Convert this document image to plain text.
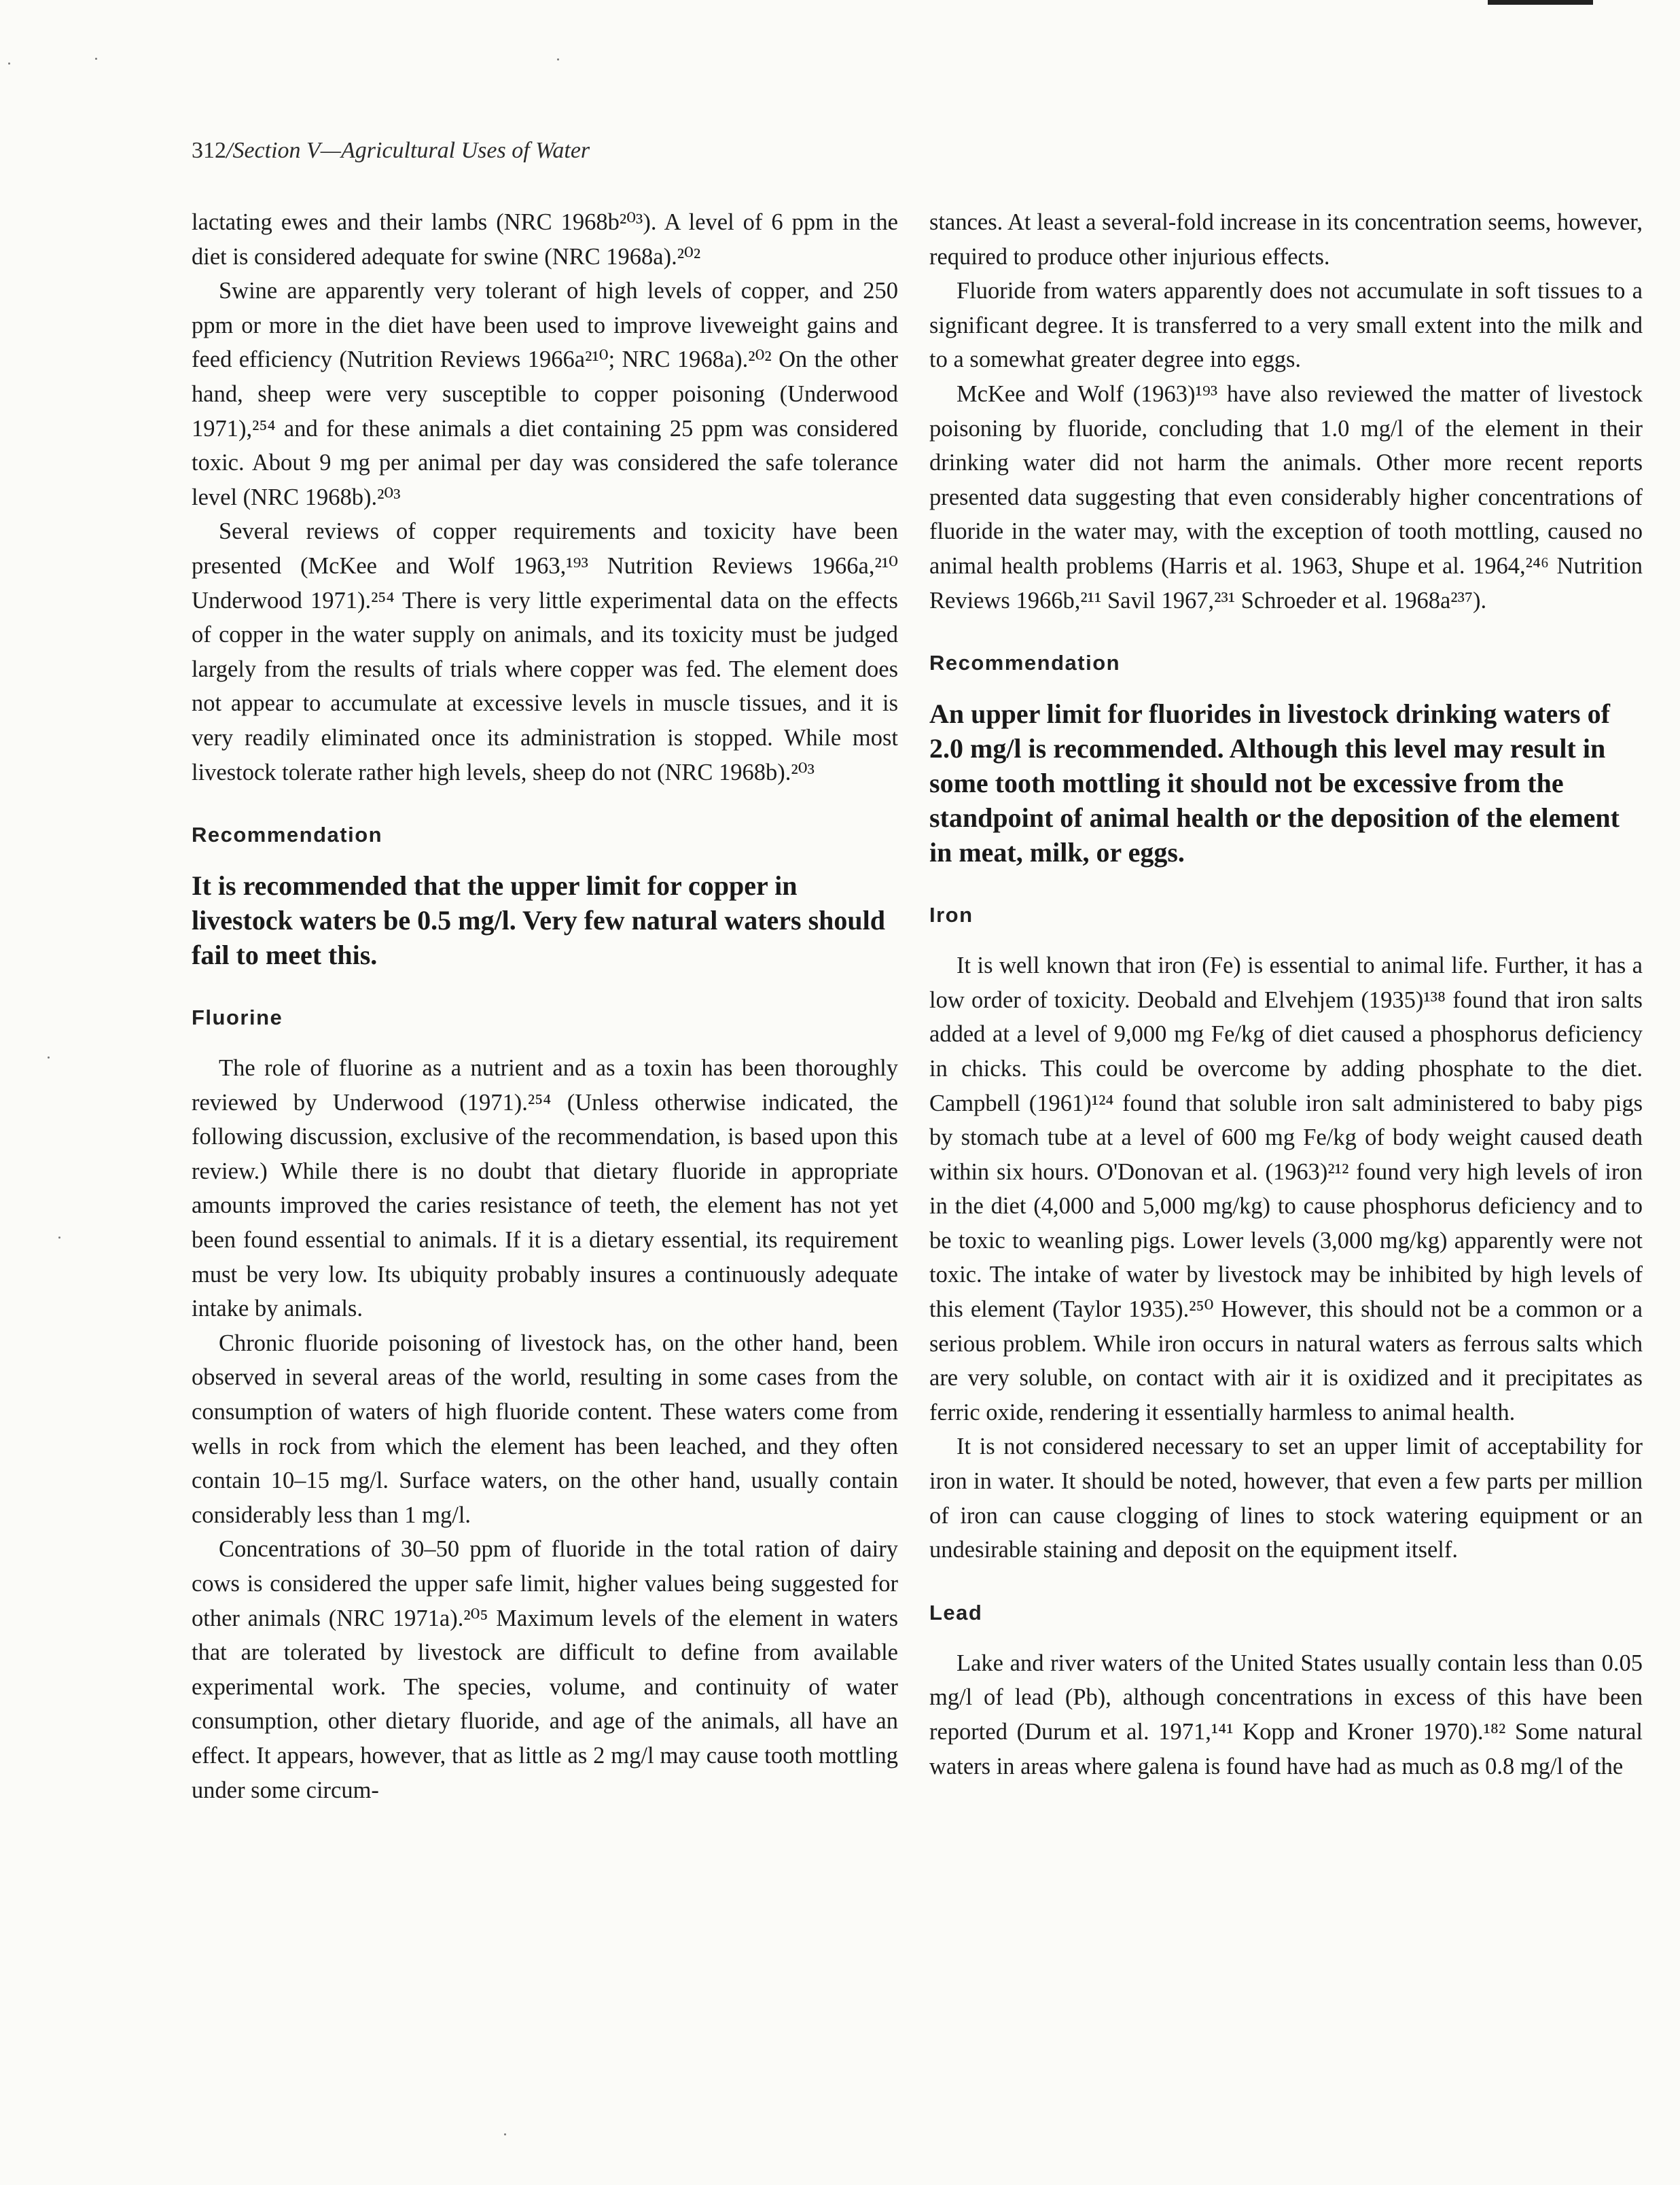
312/Section V—Agricultural Uses of Water

lactating ewes and their lambs (NRC 1968b²⁰³). A level of 6 ppm in the diet is considered adequate for swine (NRC 1968a).²⁰²

Swine are apparently very tolerant of high levels of copper, and 250 ppm or more in the diet have been used to improve liveweight gains and feed efficiency (Nutrition Reviews 1966a²¹⁰; NRC 1968a).²⁰² On the other hand, sheep were very susceptible to copper poisoning (Underwood 1971),²⁵⁴ and for these animals a diet containing 25 ppm was considered toxic. About 9 mg per animal per day was considered the safe tolerance level (NRC 1968b).²⁰³

Several reviews of copper requirements and toxicity have been presented (McKee and Wolf 1963,¹⁹³ Nutrition Reviews 1966a,²¹⁰ Underwood 1971).²⁵⁴ There is very little experimental data on the effects of copper in the water supply on animals, and its toxicity must be judged largely from the results of trials where copper was fed. The element does not appear to accumulate at excessive levels in muscle tissues, and it is very readily eliminated once its administration is stopped. While most livestock tolerate rather high levels, sheep do not (NRC 1968b).²⁰³

Recommendation

It is recommended that the upper limit for copper in livestock waters be 0.5 mg/l. Very few natural waters should fail to meet this.

Fluorine

The role of fluorine as a nutrient and as a toxin has been thoroughly reviewed by Underwood (1971).²⁵⁴ (Unless otherwise indicated, the following discussion, exclusive of the recommendation, is based upon this review.) While there is no doubt that dietary fluoride in appropriate amounts improved the caries resistance of teeth, the element has not yet been found essential to animals. If it is a dietary essential, its requirement must be very low. Its ubiquity probably insures a continuously adequate intake by animals.

Chronic fluoride poisoning of livestock has, on the other hand, been observed in several areas of the world, resulting in some cases from the consumption of waters of high fluoride content. These waters come from wells in rock from which the element has been leached, and they often contain 10–15 mg/l. Surface waters, on the other hand, usually contain considerably less than 1 mg/l.

Concentrations of 30–50 ppm of fluoride in the total ration of dairy cows is considered the upper safe limit, higher values being suggested for other animals (NRC 1971a).²⁰⁵ Maximum levels of the element in waters that are tolerated by livestock are difficult to define from available experimental work. The species, volume, and continuity of water consumption, other dietary fluoride, and age of the animals, all have an effect. It appears, however, that as little as 2 mg/l may cause tooth mottling under some circum-

stances. At least a several-fold increase in its concentration seems, however, required to produce other injurious effects.

Fluoride from waters apparently does not accumulate in soft tissues to a significant degree. It is transferred to a very small extent into the milk and to a somewhat greater degree into eggs.

McKee and Wolf (1963)¹⁹³ have also reviewed the matter of livestock poisoning by fluoride, concluding that 1.0 mg/l of the element in their drinking water did not harm the animals. Other more recent reports presented data suggesting that even considerably higher concentrations of fluoride in the water may, with the exception of tooth mottling, caused no animal health problems (Harris et al. 1963, Shupe et al. 1964,²⁴⁶ Nutrition Reviews 1966b,²¹¹ Savil 1967,²³¹ Schroeder et al. 1968a²³⁷).

Recommendation

An upper limit for fluorides in livestock drinking waters of 2.0 mg/l is recommended. Although this level may result in some tooth mottling it should not be excessive from the standpoint of animal health or the deposition of the element in meat, milk, or eggs.

Iron

It is well known that iron (Fe) is essential to animal life. Further, it has a low order of toxicity. Deobald and Elvehjem (1935)¹³⁸ found that iron salts added at a level of 9,000 mg Fe/kg of diet caused a phosphorus deficiency in chicks. This could be overcome by adding phosphate to the diet. Campbell (1961)¹²⁴ found that soluble iron salt administered to baby pigs by stomach tube at a level of 600 mg Fe/kg of body weight caused death within six hours. O'Donovan et al. (1963)²¹² found very high levels of iron in the diet (4,000 and 5,000 mg/kg) to cause phosphorus deficiency and to be toxic to weanling pigs. Lower levels (3,000 mg/kg) apparently were not toxic. The intake of water by livestock may be inhibited by high levels of this element (Taylor 1935).²⁵⁰ However, this should not be a common or a serious problem. While iron occurs in natural waters as ferrous salts which are very soluble, on contact with air it is oxidized and it precipitates as ferric oxide, rendering it essentially harmless to animal health.

It is not considered necessary to set an upper limit of acceptability for iron in water. It should be noted, however, that even a few parts per million of iron can cause clogging of lines to stock watering equipment or an undesirable staining and deposit on the equipment itself.

Lead

Lake and river waters of the United States usually contain less than 0.05 mg/l of lead (Pb), although concentrations in excess of this have been reported (Durum et al. 1971,¹⁴¹ Kopp and Kroner 1970).¹⁸² Some natural waters in areas where galena is found have had as much as 0.8 mg/l of the
